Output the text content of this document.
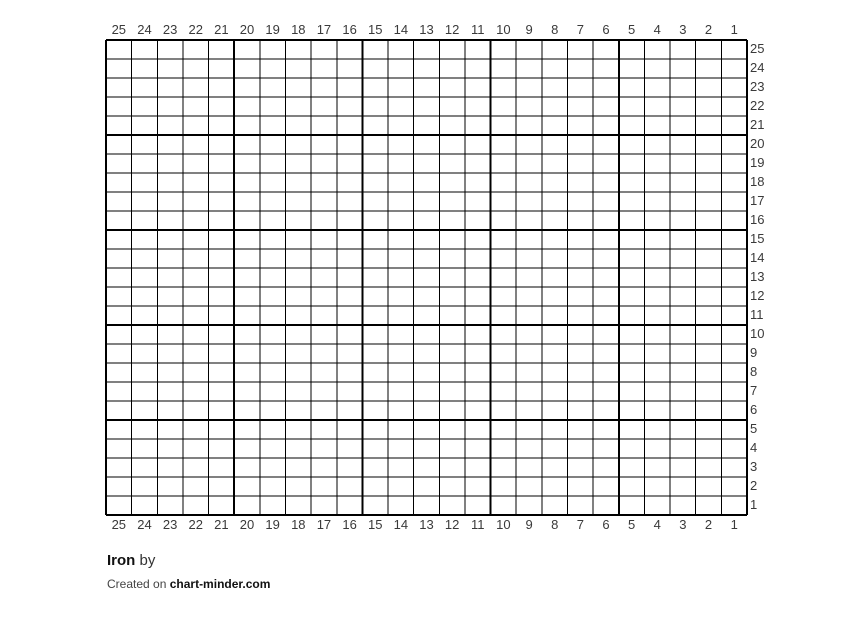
25 24 23 22 21 20 19 18 17 16 15 14 13 12 11 10 9 8 7 6 5 4 3 2 1
25 24 23 22 21 20 19 18 17 16 15 14 13 12 11 10 9 8 7 6 5 4 3 2 1
25
24
23
22
21
20
19
18
17
16
15
14
13
12
11
10
9
8
7
6
5
4
3
2
1
Iron by
Created on chart-minder.com
